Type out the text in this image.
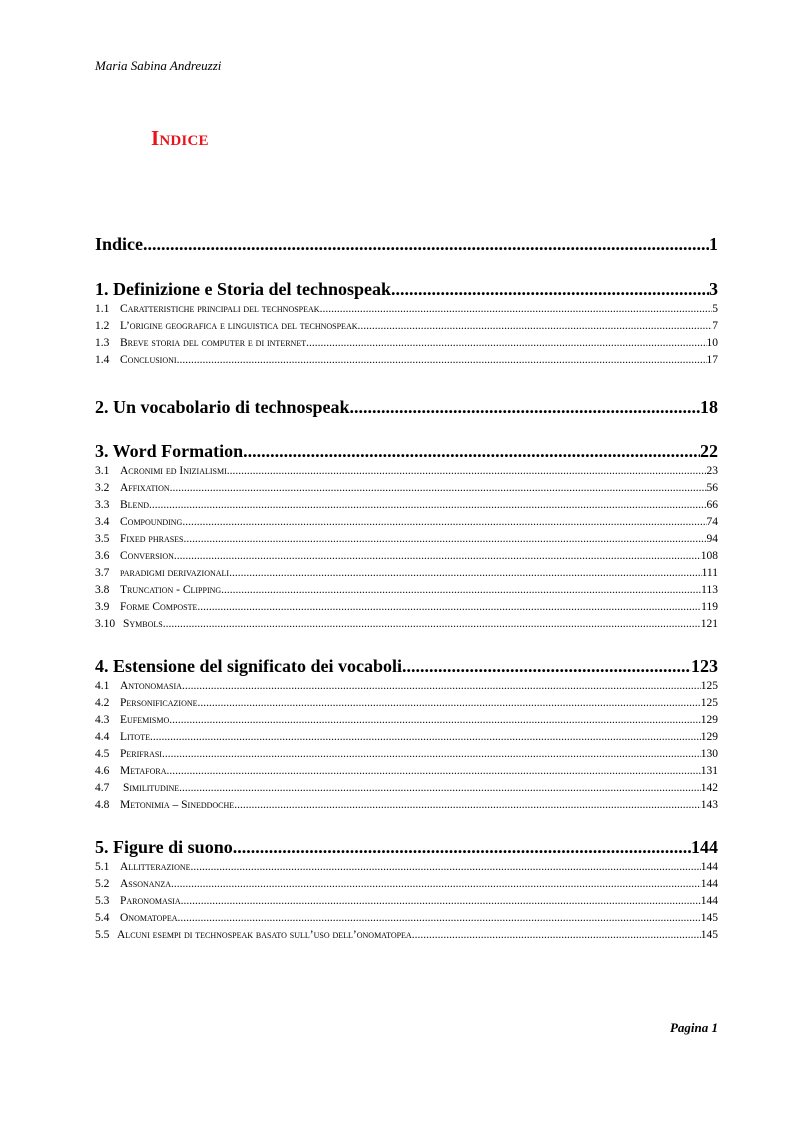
Maria Sabina Andreuzzi
Indice
Indice .....	1
1. Definizione e Storia del technospeak. .....	3
1.1 Caratteristiche principali del technospeak .....	5
1.2 L’origine geografica e linguistica del technospeak. .....	7
1.3 Breve storia del computer e di internet .....	10
1.4 Conclusioni .....	17
2. Un vocabolario di technospeak .....	18
3. Word Formation .....	22
3.1 Acronimi ed Inizialismi .....	23
3.2 Affixation .....	56
3.3 Blend .....	66
3.4 Compounding .....	74
3.5 Fixed phrases .....	94
3.6 Conversion .....	108
3.7 paradigmi derivazionali .....	111
3.8 Truncation - Clipping .....	113
3.9 Forme Composte .....	119
3.10 Symbols .....	121
4. Estensione del significato dei vocaboli .....	123
4.1 Antonomasia .....	125
4.2 Personificazione .....	125
4.3 Eufemismo .....	129
4.4 Litote .....	129
4.5 Perifrasi .....	130
4.6 Metafora .....	131
4.7 Similitudine .....	142
4.8 Metonimia – Sineddoche .....	143
5. Figure di suono .....	144
5.1 Allitterazione .....	144
5.2 Assonanza .....	144
5.3 Paronomasia .....	144
5.4 Onomatopea .....	145
5.5 Alcuni esempi di technospeak basato sull’uso dell’onomatopea .....	145
Pagina 1
